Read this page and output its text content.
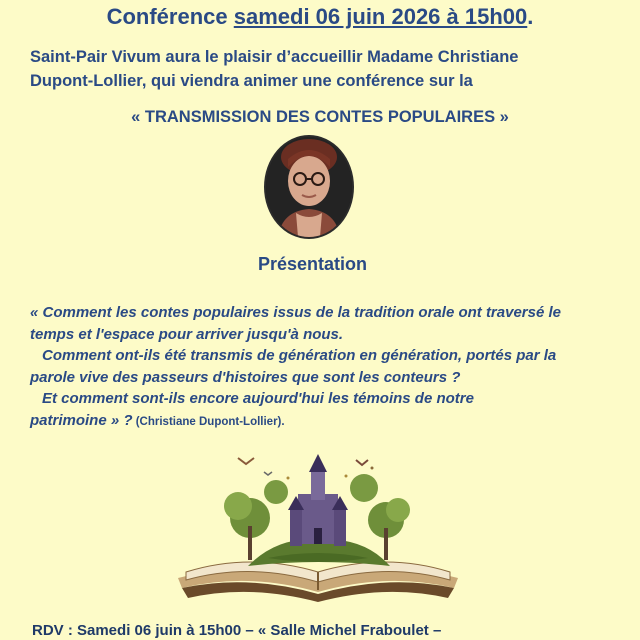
Conférence samedi 06 juin 2026 à 15h00.
Saint-Pair Vivum aura le plaisir d’accueillir Madame Christiane
Dupont-Lollier, qui viendra animer une conférence sur la
« TRANSMISSION DES CONTES POPULAIRES »
Présentation
« Comment les contes populaires issus de la tradition orale ont traversé le
temps et l'espace pour arriver jusqu'à nous.
Comment ont-ils été transmis de génération en génération, portés par la
parole vive des passeurs d'histoires que sont les conteurs ?
Et comment sont-ils encore aujourd'hui les témoins de notre
patrimoine » ? (Christiane Dupont-Lollier).
RDV : Samedi 06 juin à 15h00 – « Salle Michel Fraboulet –
